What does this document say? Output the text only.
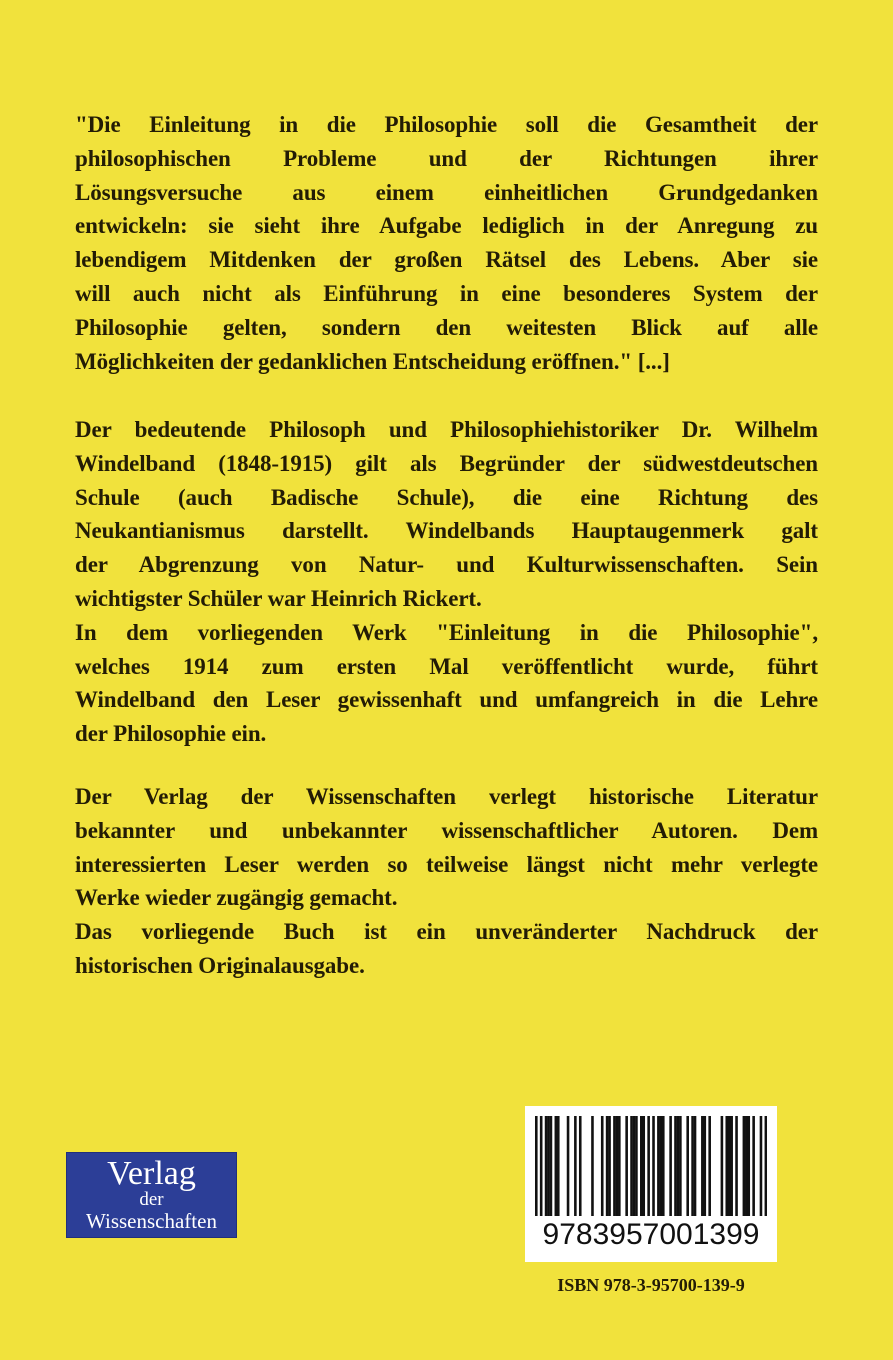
"Die Einleitung in die Philosophie soll die Gesamtheit der
philosophischen Probleme und der Richtungen ihrer
Lösungsversuche aus einem einheitlichen Grundgedanken
entwickeln: sie sieht ihre Aufgabe lediglich in der Anregung zu
lebendigem Mitdenken der großen Rätsel des Lebens. Aber sie
will auch nicht als Einführung in eine besonderes System der
Philosophie gelten, sondern den weitesten Blick auf alle
Möglichkeiten der gedanklichen Entscheidung eröffnen." [...]
Der bedeutende Philosoph und Philosophiehistoriker Dr. Wilhelm
Windelband (1848-1915) gilt als Begründer der südwestdeutschen
Schule (auch Badische Schule), die eine Richtung des
Neukantianismus darstellt. Windelbands Hauptaugenmerk galt
der Abgrenzung von Natur- und Kulturwissenschaften. Sein
wichtigster Schüler war Heinrich Rickert.
In dem vorliegenden Werk "Einleitung in die Philosophie",
welches 1914 zum ersten Mal veröffentlicht wurde, führt
Windelband den Leser gewissenhaft und umfangreich in die Lehre
der Philosophie ein.
Der Verlag der Wissenschaften verlegt historische Literatur
bekannter und unbekannter wissenschaftlicher Autoren. Dem
interessierten Leser werden so teilweise längst nicht mehr verlegte
Werke wieder zugängig gemacht.
Das vorliegende Buch ist ein unveränderter Nachdruck der
historischen Originalausgabe.
Verlag
der
Wissenschaften	9783957001399
ISBN 978-3-95700-139-9
